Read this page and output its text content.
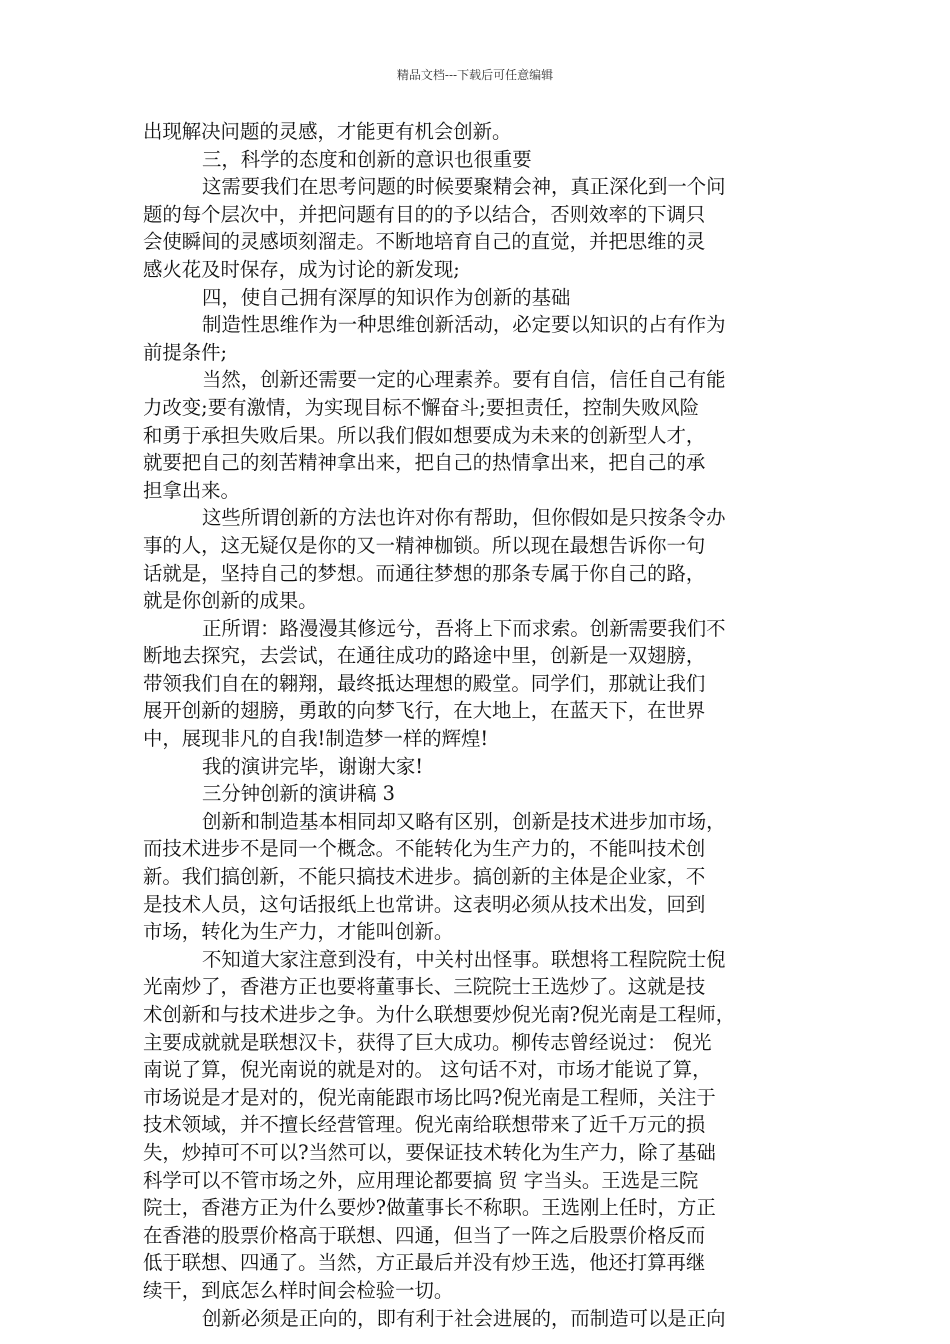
精品文档---下载后可任意编辑
出现解决问题的灵感，才能更有机会创新。
三，科学的态度和创新的意识也很重要
这需要我们在思考问题的时候要聚精会神，真正深化到一个问
题的每个层次中，并把问题有目的的予以结合，否则效率的下调只
会使瞬间的灵感顷刻溜走。不断地培育自己的直觉，并把思维的灵
感火花及时保存，成为讨论的新发现;
四，使自己拥有深厚的知识作为创新的基础
制造性思维作为一种思维创新活动，必定要以知识的占有作为
前提条件;
当然，创新还需要一定的心理素养。要有自信，信任自己有能
力改变;要有激情，为实现目标不懈奋斗;要担责任，控制失败风险
和勇于承担失败后果。所以我们假如想要成为未来的创新型人才，
就要把自己的刻苦精神拿出来，把自己的热情拿出来，把自己的承
担拿出来。
这些所谓创新的方法也许对你有帮助，但你假如是只按条令办
事的人，这无疑仅是你的又一精神枷锁。所以现在最想告诉你一句
话就是，坚持自己的梦想。而通往梦想的那条专属于你自己的路，
就是你创新的成果。
正所谓：路漫漫其修远兮，吾将上下而求索。创新需要我们不
断地去探究，去尝试，在通往成功的路途中里，创新是一双翅膀，
带领我们自在的翱翔，最终抵达理想的殿堂。同学们，那就让我们
展开创新的翅膀，勇敢的向梦飞行，在大地上，在蓝天下，在世界
中，展现非凡的自我!制造梦一样的辉煌!
我的演讲完毕，谢谢大家!
三分钟创新的演讲稿 3
创新和制造基本相同却又略有区别，创新是技术进步加市场，
而技术进步不是同一个概念。不能转化为生产力的，不能叫技术创
新。我们搞创新，不能只搞技术进步。搞创新的主体是企业家，不
是技术人员，这句话报纸上也常讲。这表明必须从技术出发，回到
市场，转化为生产力，才能叫创新。
不知道大家注意到没有，中关村出怪事。联想将工程院院士倪
光南炒了，香港方正也要将董事长、三院院士王选炒了。这就是技
术创新和与技术进步之争。为什么联想要炒倪光南?倪光南是工程师，
主要成就就是联想汉卡，获得了巨大成功。柳传志曾经说过： 倪光
南说了算，倪光南说的就是对的。 这句话不对，市场才能说了算，
市场说是才是对的，倪光南能跟市场比吗?倪光南是工程师，关注于
技术领域，并不擅长经营管理。倪光南给联想带来了近千万元的损
失，炒掉可不可以?当然可以，要保证技术转化为生产力，除了基础
科学可以不管市场之外，应用理论都要搞 贸 字当头。王选是三院
院士，香港方正为什么要炒?做董事长不称职。王选刚上任时，方正
在香港的股票价格高于联想、四通，但当了一阵之后股票价格反而
低于联想、四通了。当然，方正最后并没有炒王选，他还打算再继
续干，到底怎么样时间会检验一切。
创新必须是正向的，即有利于社会进展的，而制造可以是正向
